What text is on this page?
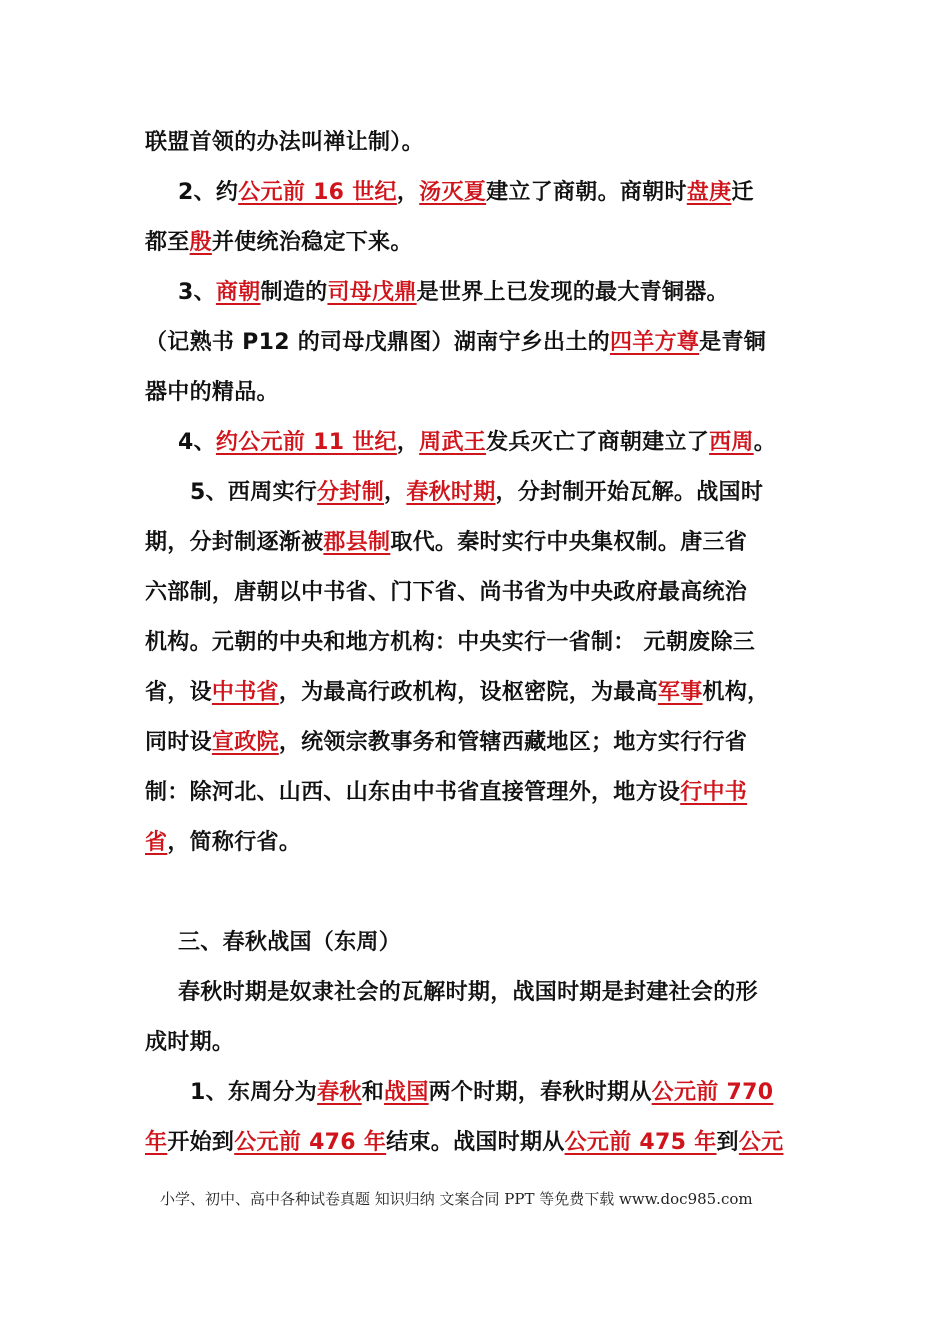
联盟首领的办法叫禅让制）。
2、约公元前 16 世纪，汤灭夏建立了商朝。商朝时盘庚迁
都至殷并使统治稳定下来。
3、商朝制造的司母戊鼎是世界上已发现的最大青铜器。
（记熟书 P12 的司母戊鼎图）湖南宁乡出土的四羊方尊是青铜
器中的精品。
4、约公元前 11 世纪，周武王发兵灭亡了商朝建立了西周。
5、西周实行分封制，春秋时期，分封制开始瓦解。战国时
期，分封制逐渐被郡县制取代。秦时实行中央集权制。唐三省
六部制，唐朝以中书省、门下省、尚书省为中央政府最高统治
机构。元朝的中央和地方机构：中央实行一省制： 元朝废除三
省，设中书省，为最高行政机构，设枢密院，为最高军事机构，
同时设宣政院，统领宗教事务和管辖西藏地区；地方实行行省
制：除河北、山西、山东由中书省直接管理外，地方设行中书
省，简称行省。
三、春秋战国（东周）
春秋时期是奴隶社会的瓦解时期，战国时期是封建社会的形
成时期。
1、东周分为春秋和战国两个时期，春秋时期从公元前 770
年开始到公元前 476 年结束。战国时期从公元前 475 年到公元
小学、初中、高中各种试卷真题 知识归纳 文案合同 PPT 等免费下载 www.doc985.com
